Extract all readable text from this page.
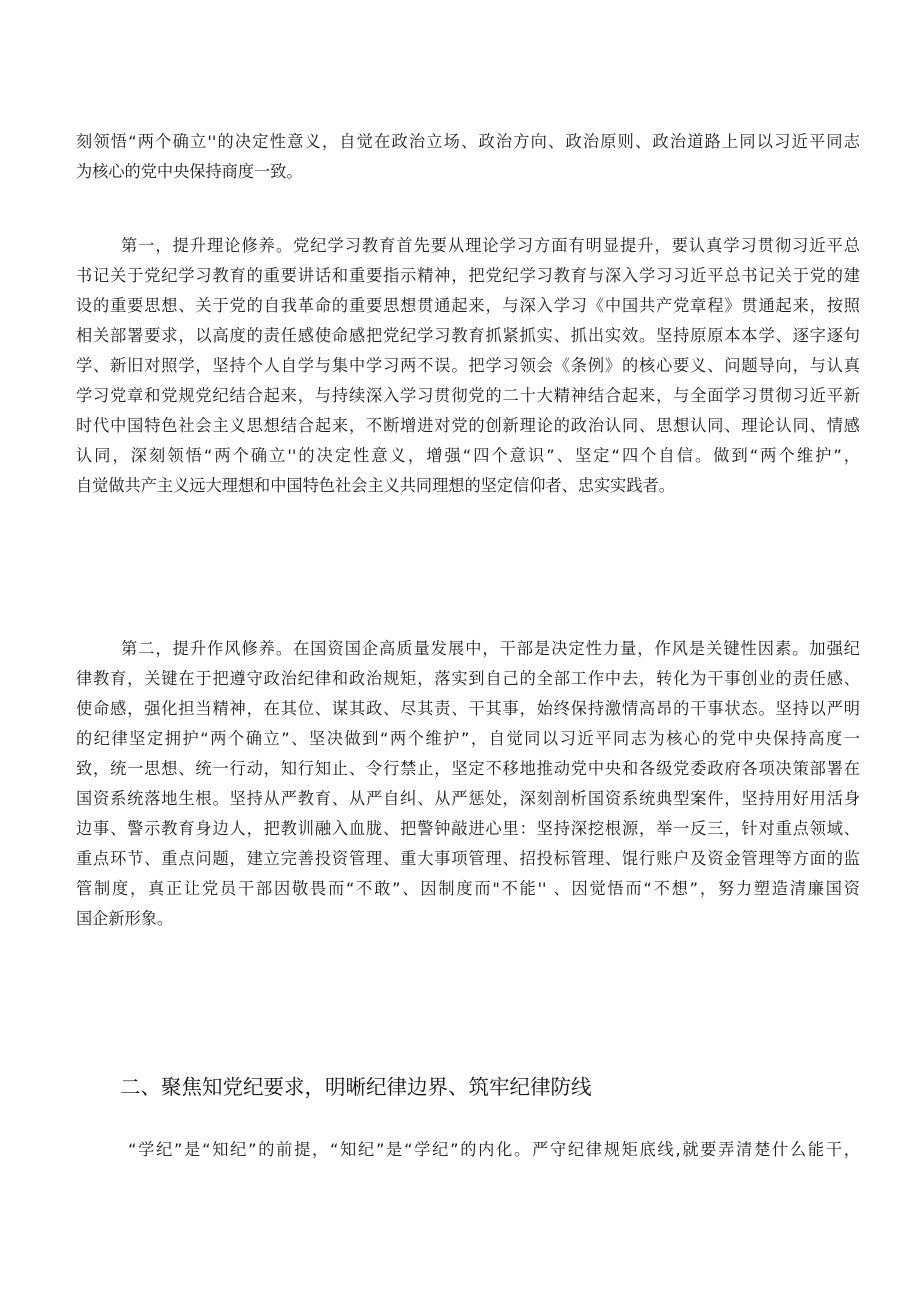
刻领悟“两个确立''的决定性意义，自觉在政治立场、政治方向、政治原则、政治道路上同以习近平同志
为核心的党中央保持商度一致。
第一，提升理论修养。党纪学习教育首先要从理论学习方面有明显提升，要认真学习贯彻习近平总
书记关于党纪学习教育的重要讲话和重要指示精神，把党纪学习教育与深入学习习近平总书记关于党的建
设的重要思想、关于党的自我革命的重要思想贯通起来，与深入学习《中国共产党章程》贯通起来，按照
相关部署要求，以高度的责任感使命感把党纪学习教育抓紧抓实、抓出实效。坚持原原本本学、逐字逐句
学、新旧对照学，坚持个人自学与集中学习两不误。把学习领会《条例》的核心要义、问题导向，与认真
学习党章和党规党纪结合起来，与持续深入学习贯彻党的二十大精神结合起来，与全面学习贯彻习近平新
时代中国特色社会主义思想结合起来，不断增进对党的创新理论的政治认同、思想认同、理论认同、情感
认同，深刻领悟“两个确立''的决定性意义，增强“四个意识”、坚定“四个自信。做到“两个维护”，
自觉做共产主义远大理想和中国特色社会主义共同理想的坚定信仰者、忠实实践者。
第二，提升作风修养。在国资国企高质量发展中，干部是决定性力量，作风是关键性因素。加强纪
律教育，关键在于把遵守政治纪律和政治规矩，落实到自己的全部工作中去，转化为干事创业的责任感、
使命感，强化担当精神，在其位、谋其政、尽其责、干其事，始终保持激情高昂的干事状态。坚持以严明
的纪律坚定拥护“两个确立”、坚决做到“两个维护”，自觉同以习近平同志为核心的党中央保持高度一
致，统一思想、统一行动，知行知止、令行禁止，坚定不移地推动党中央和各级党委政府各项决策部署在
国资系统落地生根。坚持从严教育、从严自纠、从严惩处，深刻剖析国资系统典型案件，坚持用好用活身
边事、警示教育身边人，把教训融入血胧、把警钟敲进心里：坚持深挖根源，举一反三，针对重点领域、
重点环节、重点问题，建立完善投资管理、重大事项管理、招投标管理、馄行账户及资金管理等方面的监
管制度，真正让党员干部因敬畏而“不敢”、因制度而"不能'' 、因觉悟而“不想”，努力塑造清廉国资
国企新形象。
二、聚焦知党纪要求，明晰纪律边界、筑牢纪律防线
“学纪”是“知纪”的前提，“知纪”是“学纪”的内化。严守纪律规矩底线,就要弄清楚什么能干，
